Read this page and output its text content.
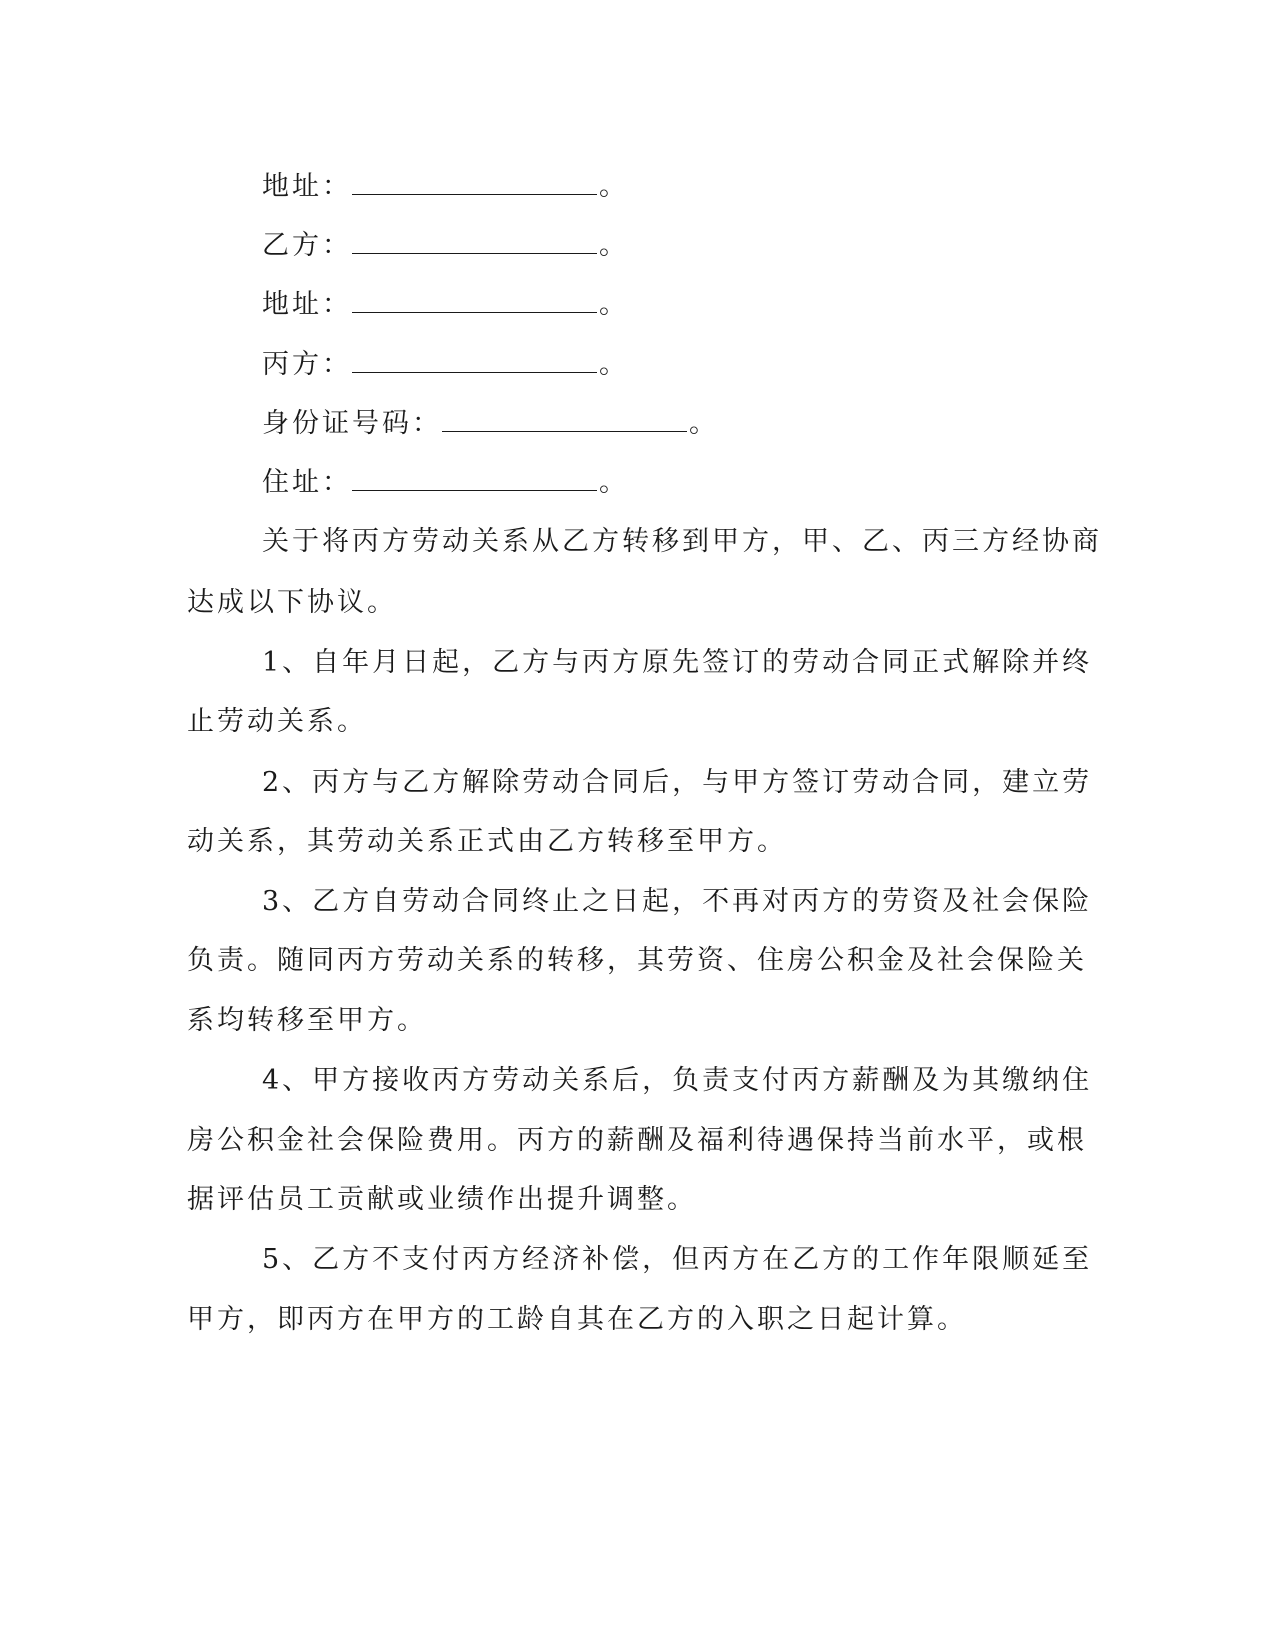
地址：	。
乙方：	。
地址：	。
丙方：	。
身份证号码：	。
住址：	。
关于将丙方劳动关系从乙方转移到甲方，甲、乙、丙三方经协商
达成以下协议。
1、自年月日起，乙方与丙方原先签订的劳动合同正式解除并终
止劳动关系。
2、丙方与乙方解除劳动合同后，与甲方签订劳动合同，建立劳
动关系，其劳动关系正式由乙方转移至甲方。
3、乙方自劳动合同终止之日起，不再对丙方的劳资及社会保险
负责。随同丙方劳动关系的转移，其劳资、住房公积金及社会保险关
系均转移至甲方。
4、甲方接收丙方劳动关系后，负责支付丙方薪酬及为其缴纳住
房公积金社会保险费用。丙方的薪酬及福利待遇保持当前水平，或根
据评估员工贡献或业绩作出提升调整。
5、乙方不支付丙方经济补偿，但丙方在乙方的工作年限顺延至
甲方，即丙方在甲方的工龄自其在乙方的入职之日起计算。
